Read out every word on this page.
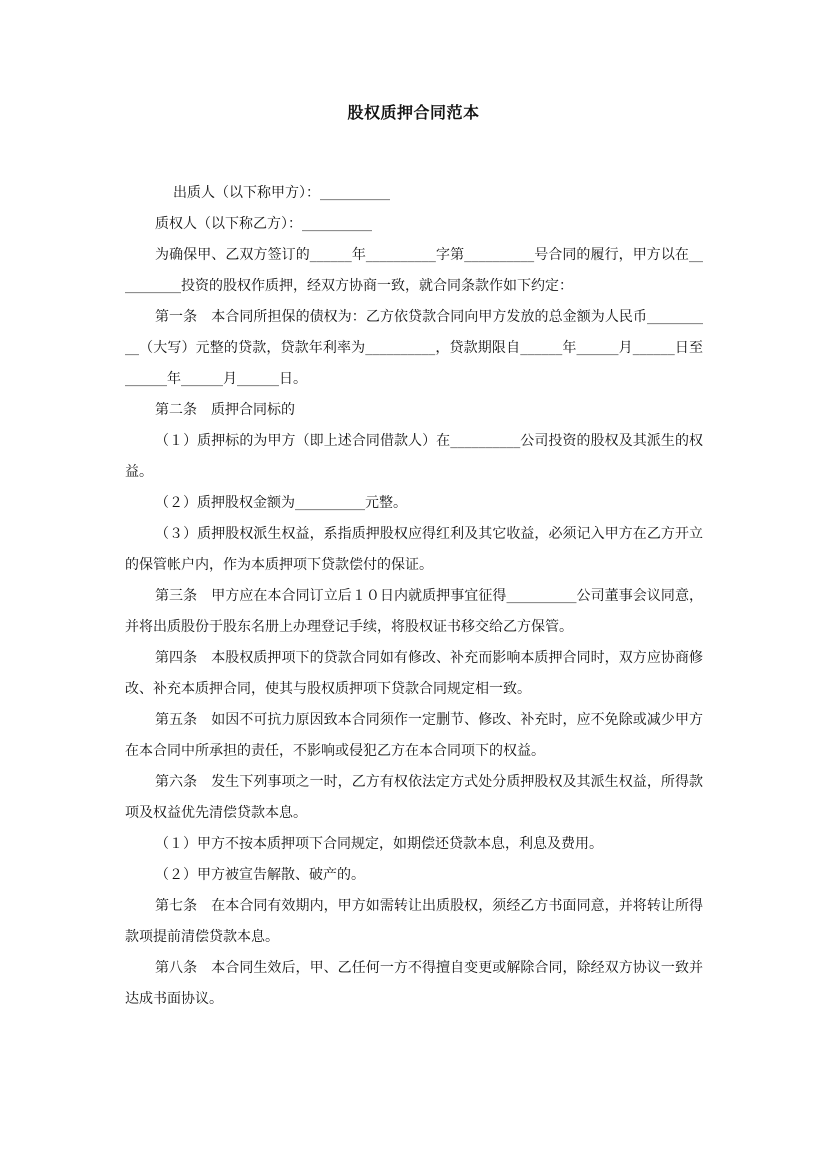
股权质押合同范本

出质人（以下称甲方）：__________

质权人（以下称乙方）：__________

为确保甲、乙双方签订的______年__________字第__________号合同的履行，甲方以在__________投资的股权作质押，经双方协商一致，就合同条款作如下约定：

第一条　本合同所担保的债权为：乙方依贷款合同向甲方发放的总金额为人民币__________（大写）元整的贷款，贷款年利率为__________，贷款期限自______年______月______日至______年______月______日。

第二条　质押合同标的

（１）质押标的为甲方（即上述合同借款人）在__________公司投资的股权及其派生的权益。

（２）质押股权金额为__________元整。

（３）质押股权派生权益，系指质押股权应得红利及其它收益，必须记入甲方在乙方开立的保管帐户内，作为本质押项下贷款偿付的保证。

第三条　甲方应在本合同订立后１０日内就质押事宜征得__________公司董事会议同意，并将出质股份于股东名册上办理登记手续，将股权证书移交给乙方保管。

第四条　本股权质押项下的贷款合同如有修改、补充而影响本质押合同时，双方应协商修改、补充本质押合同，使其与股权质押项下贷款合同规定相一致。

第五条　如因不可抗力原因致本合同须作一定删节、修改、补充时，应不免除或减少甲方在本合同中所承担的责任，不影响或侵犯乙方在本合同项下的权益。

第六条　发生下列事项之一时，乙方有权依法定方式处分质押股权及其派生权益，所得款项及权益优先清偿贷款本息。

（１）甲方不按本质押项下合同规定，如期偿还贷款本息，利息及费用。

（２）甲方被宣告解散、破产的。

第七条　在本合同有效期内，甲方如需转让出质股权，须经乙方书面同意，并将转让所得款项提前清偿贷款本息。

第八条　本合同生效后，甲、乙任何一方不得擅自变更或解除合同，除经双方协议一致并达成书面协议。
